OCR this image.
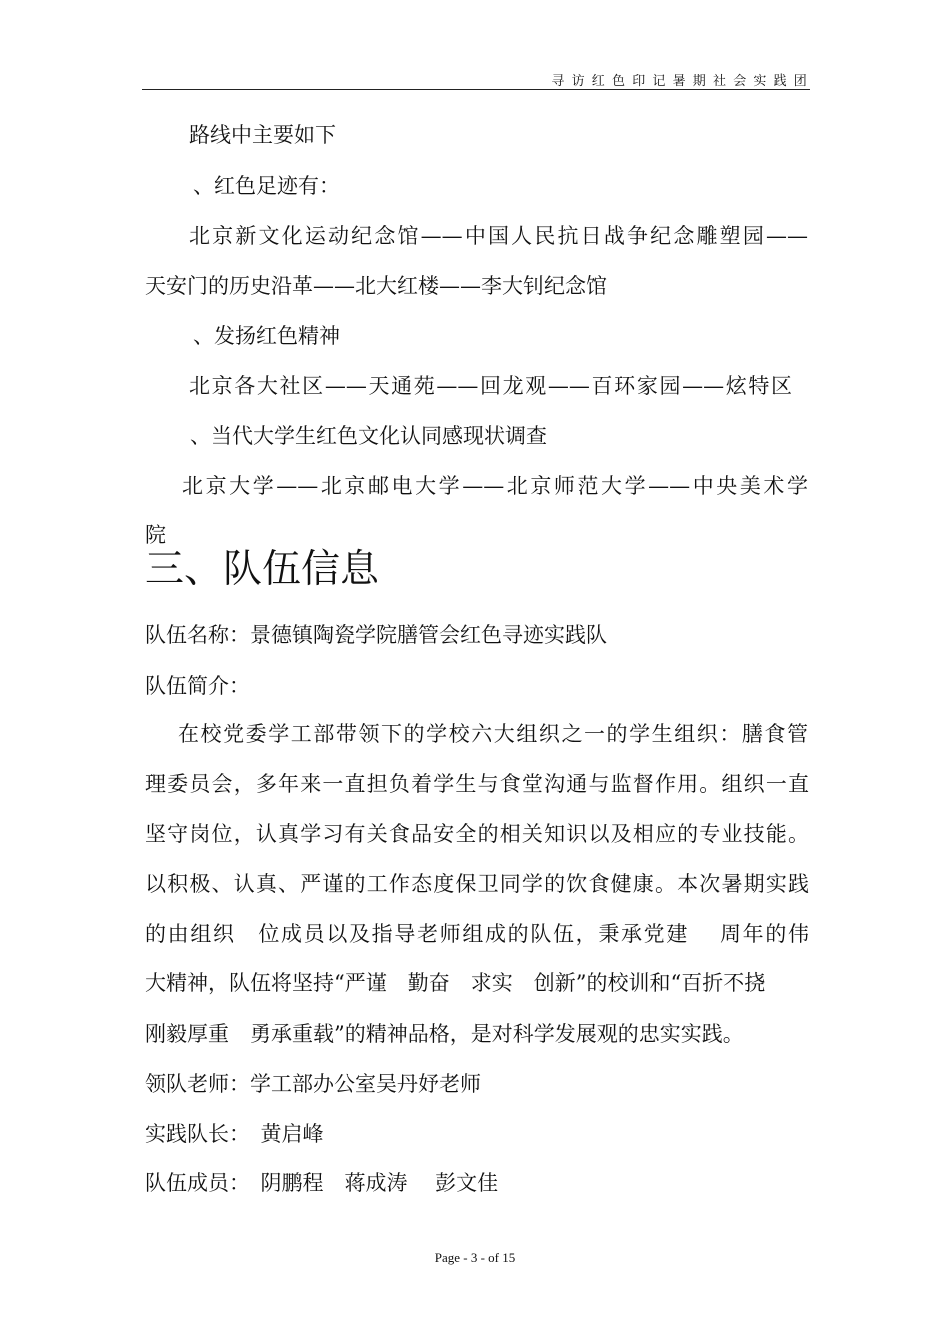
寻访红色印记暑期社会实践团
路线中主要如下
、红色足迹有：
北京新文化运动纪念馆——中国人民抗日战争纪念雕塑园——
天安门的历史沿革——北大红楼——李大钊纪念馆
、发扬红色精神
北京各大社区——天通苑——回龙观——百环家园——炫特区
、当代大学生红色文化认同感现状调查
北京大学——北京邮电大学——北京师范大学——中央美术学
院
三、队伍信息
队伍名称：景德镇陶瓷学院膳管会红色寻迹实践队
队伍简介：
在校党委学工部带领下的学校六大组织之一的学生组织：膳食管
理委员会，多年来一直担负着学生与食堂沟通与监督作用。组织一直
坚守岗位，认真学习有关食品安全的相关知识以及相应的专业技能。
以积极、认真、严谨的工作态度保卫同学的饮食健康。本次暑期实践
的由组织　位成员以及指导老师组成的队伍，秉承党建　 周年的伟
大精神，队伍将坚持“严谨　勤奋　求实　创新”的校训和“百折不挠
刚毅厚重　勇承重载”的精神品格，是对科学发展观的忠实实践。
领队老师：学工部办公室吴丹妤老师
实践队长：　黄启峰
队伍成员：　阴鹏程　蒋成涛　 彭文佳
Page - 3 - of 15
